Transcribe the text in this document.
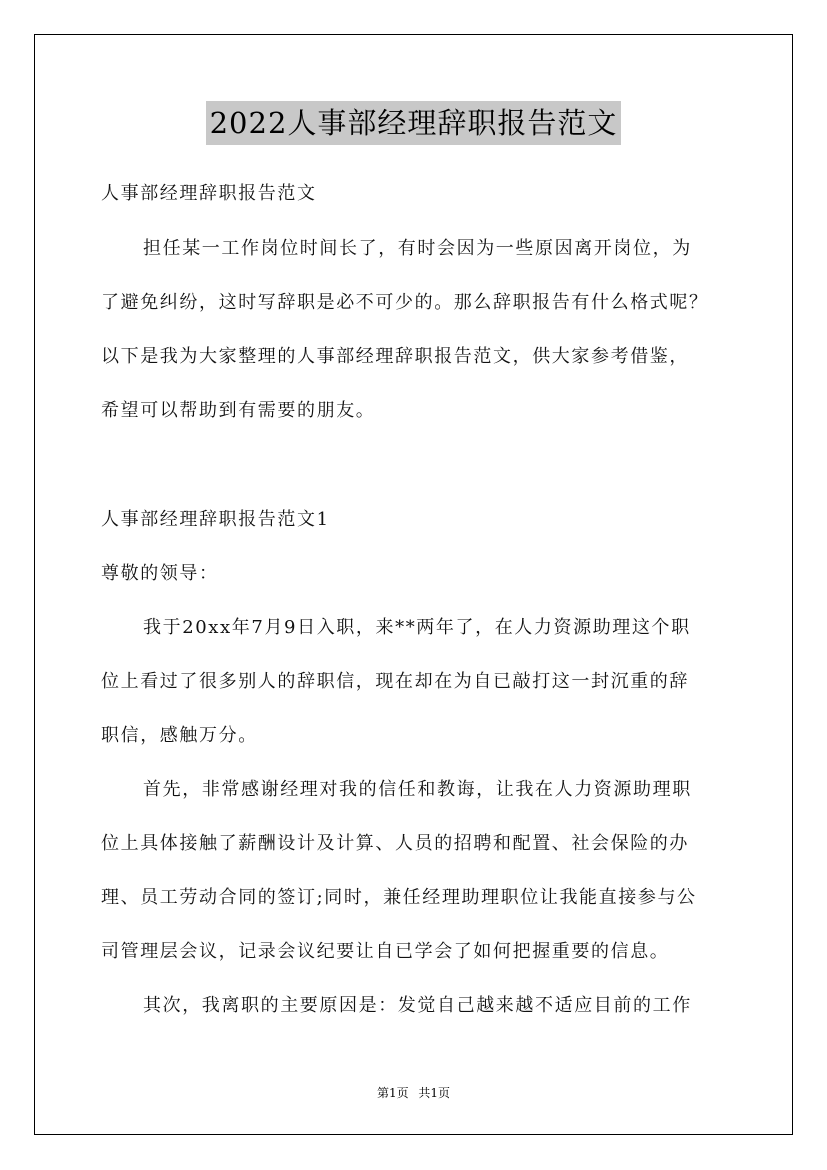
2022人事部经理辞职报告范文
人事部经理辞职报告范文
担任某一工作岗位时间长了，有时会因为一些原因离开岗位，为
了避免纠纷，这时写辞职是必不可少的。那么辞职报告有什么格式呢？
以下是我为大家整理的人事部经理辞职报告范文，供大家参考借鉴，
希望可以帮助到有需要的朋友。
人事部经理辞职报告范文1
尊敬的领导：
我于20xx年7月9日入职，来**两年了，在人力资源助理这个职
位上看过了很多别人的辞职信，现在却在为自已敲打这一封沉重的辞
职信，感触万分。
首先，非常感谢经理对我的信任和教诲，让我在人力资源助理职
位上具体接触了薪酬设计及计算、人员的招聘和配置、社会保险的办
理、员工劳动合同的签订;同时，兼任经理助理职位让我能直接参与公
司管理层会议，记录会议纪要让自已学会了如何把握重要的信息。
其次，我离职的主要原因是：发觉自己越来越不适应目前的工作
第1页 共1页
